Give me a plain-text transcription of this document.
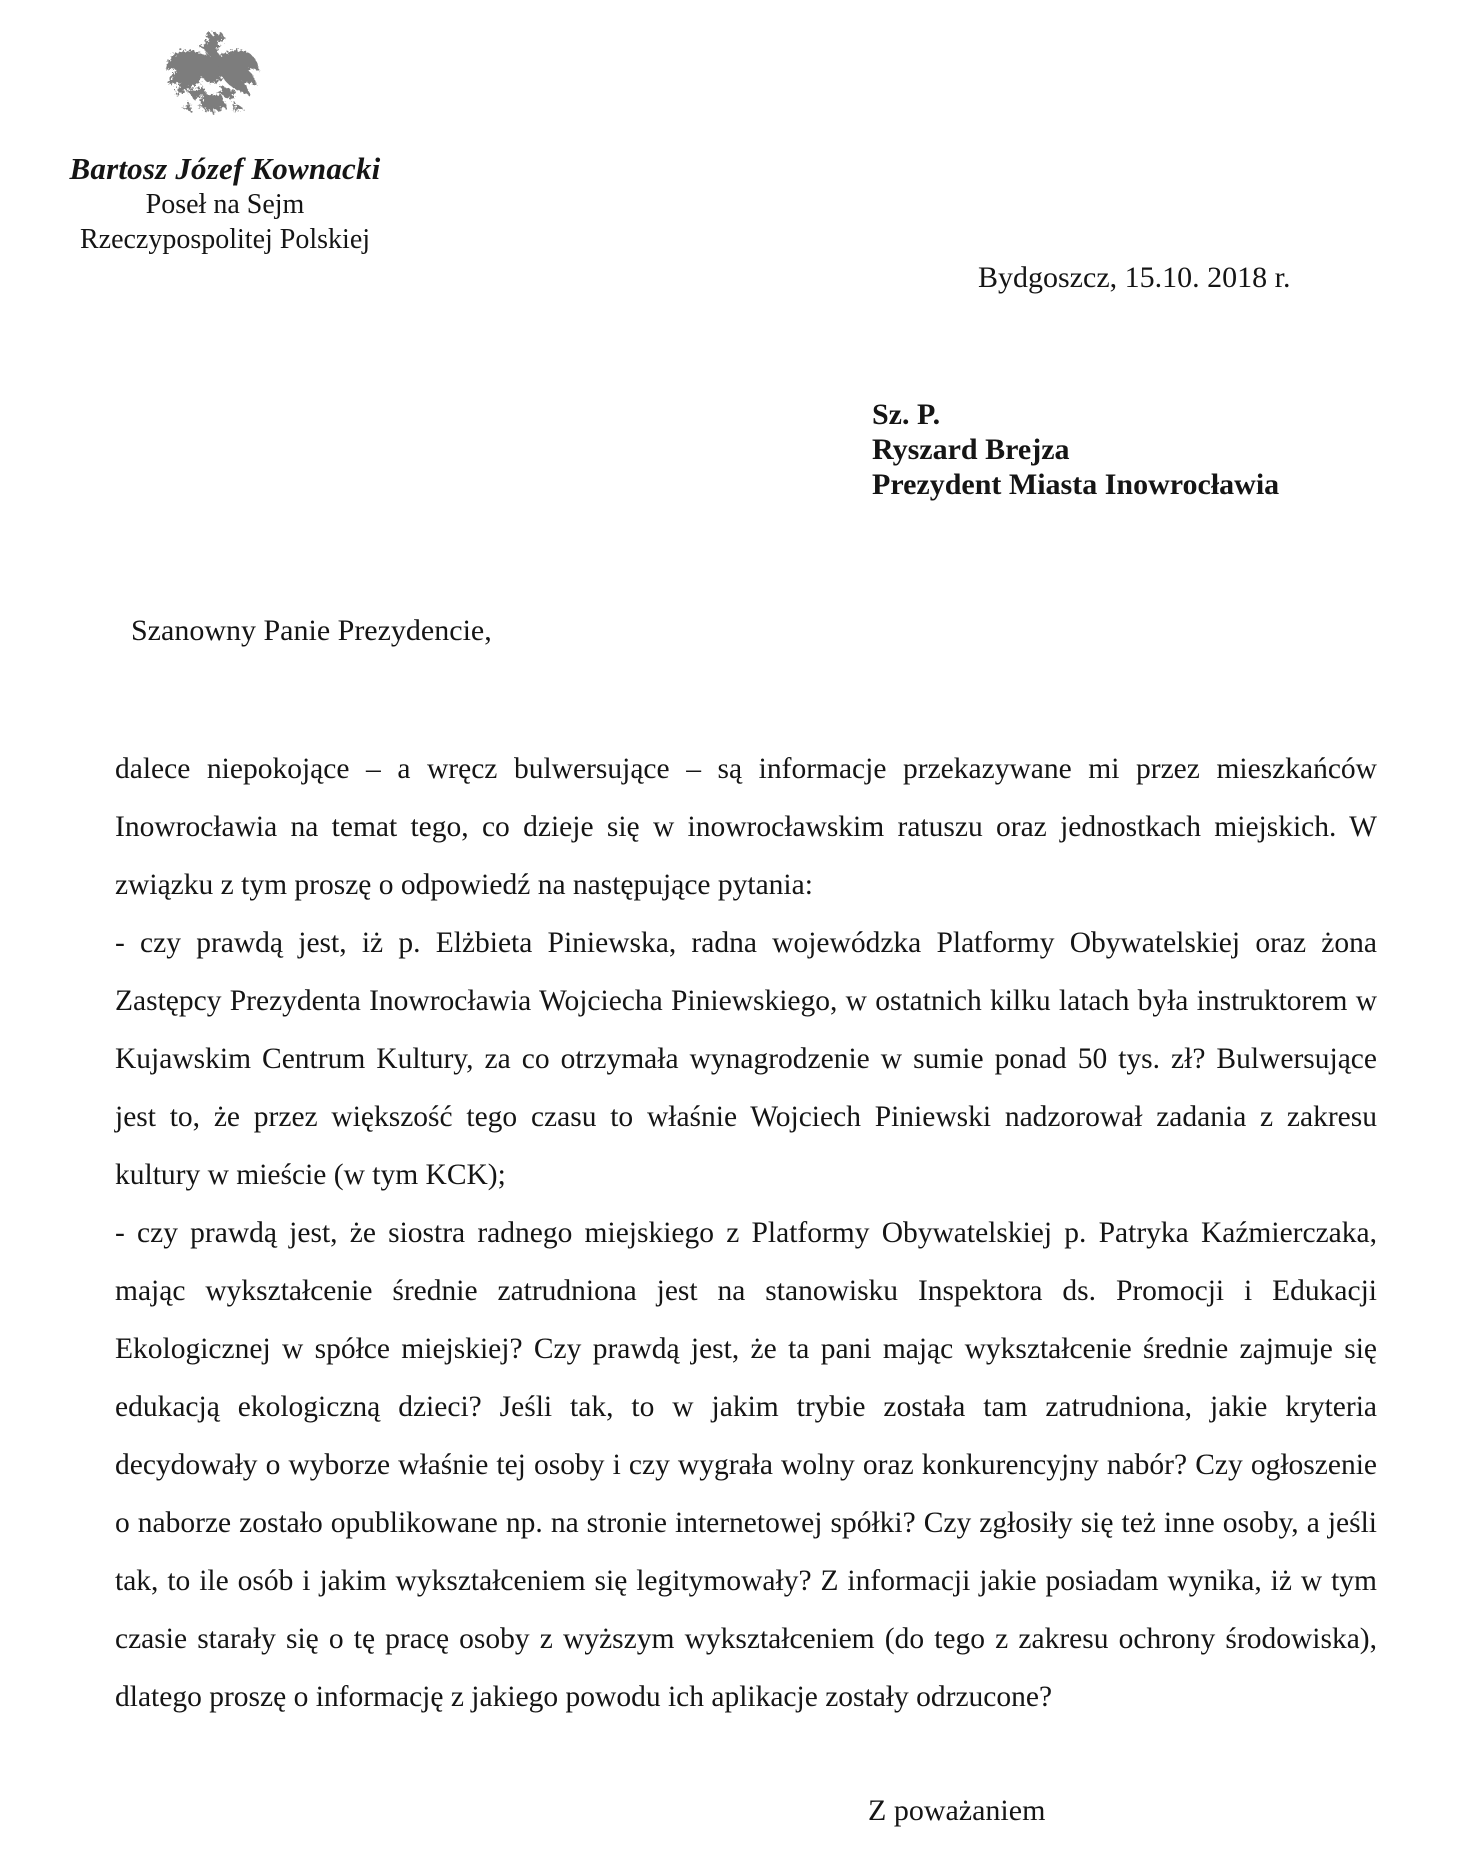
Bartosz Józef Kownacki
Poseł na Sejm
Rzeczypospolitej Polskiej
Bydgoszcz, 15.10. 2018 r.
Sz. P.
Ryszard Brejza
Prezydent Miasta Inowrocławia
Szanowny Panie Prezydencie,

dalece niepokojące – a wręcz bulwersujące – są informacje przekazywane mi przez mieszkańców Inowrocławia na temat tego, co dzieje się w inowrocławskim ratuszu oraz jednostkach miejskich. W związku z tym proszę o odpowiedź na następujące pytania:

- czy prawdą jest, iż p. Elżbieta Piniewska, radna wojewódzka Platformy Obywatelskiej oraz żona Zastępcy Prezydenta Inowrocławia Wojciecha Piniewskiego, w ostatnich kilku latach była instruktorem w Kujawskim Centrum Kultury, za co otrzymała wynagrodzenie w sumie ponad 50 tys. zł? Bulwersujące jest to, że przez większość tego czasu to właśnie Wojciech Piniewski nadzorował zadania z zakresu kultury w mieście (w tym KCK);

- czy prawdą jest, że siostra radnego miejskiego z Platformy Obywatelskiej p. Patryka Kaźmierczaka, mając wykształcenie średnie zatrudniona jest na stanowisku Inspektora ds. Promocji i Edukacji Ekologicznej w spółce miejskiej? Czy prawdą jest, że ta pani mając wykształcenie średnie zajmuje się edukacją ekologiczną dzieci? Jeśli tak, to w jakim trybie została tam zatrudniona, jakie kryteria decydowały o wyborze właśnie tej osoby i czy wygrała wolny oraz konkurencyjny nabór? Czy ogłoszenie o naborze zostało opublikowane np. na stronie internetowej spółki? Czy zgłosiły się też inne osoby, a jeśli tak, to ile osób i jakim wykształceniem się legitymowały? Z informacji jakie posiadam wynika, iż w tym czasie starały się o tę pracę osoby z wyższym wykształceniem (do tego z zakresu ochrony środowiska), dlatego proszę o informację z jakiego powodu ich aplikacje zostały odrzucone?

Z poważaniem
